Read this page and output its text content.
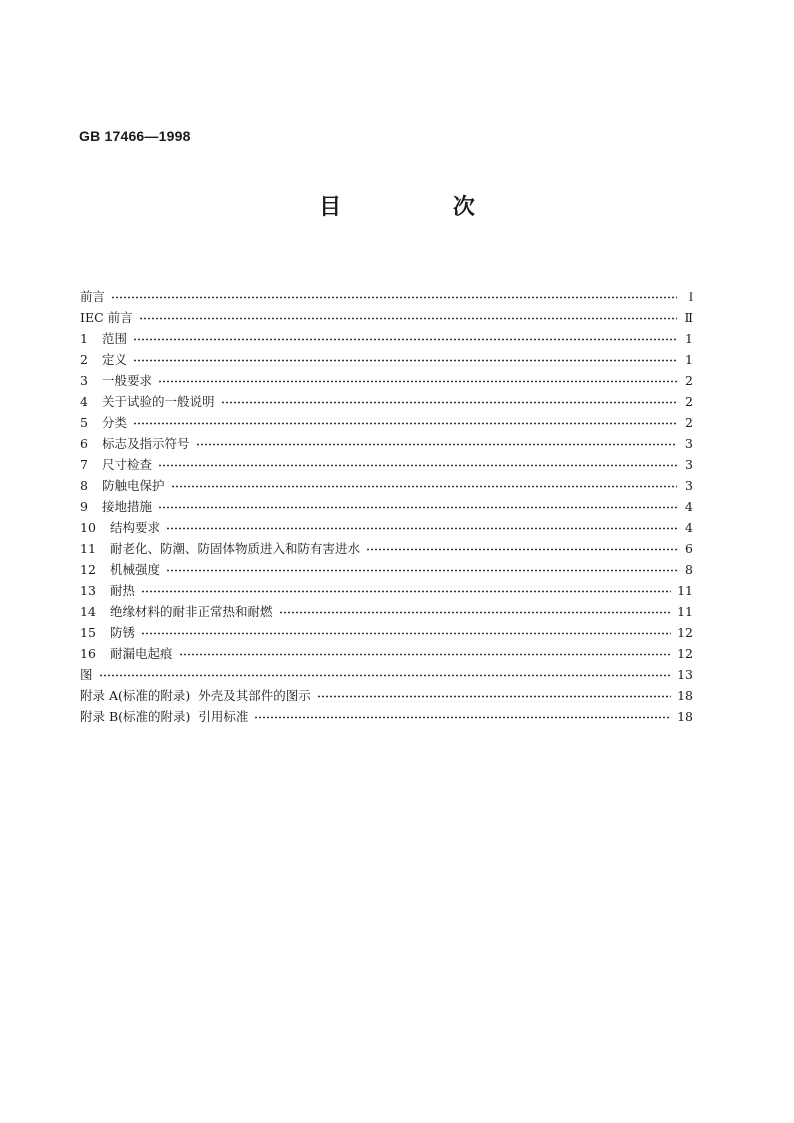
GB 17466—1998

目 次
前言	I
IEC 前言	Ⅱ
1	范围	1
2	定义	1
3	一般要求	2
4	关于试验的一般说明	2
5	分类	2
6	标志及指示符号	3
7	尺寸检查	3
8	防触电保护	3
9	接地措施	4
10	结构要求	4
11	耐老化、防潮、防固体物质进入和防有害进水	6
12	机械强度	8
13	耐热	11
14	绝缘材料的耐非正常热和耐燃	11
15	防锈	12
16	耐漏电起痕	12
图	13
附录 A(标准的附录)  外壳及其部件的图示	18
附录 B(标准的附录)  引用标准	18
